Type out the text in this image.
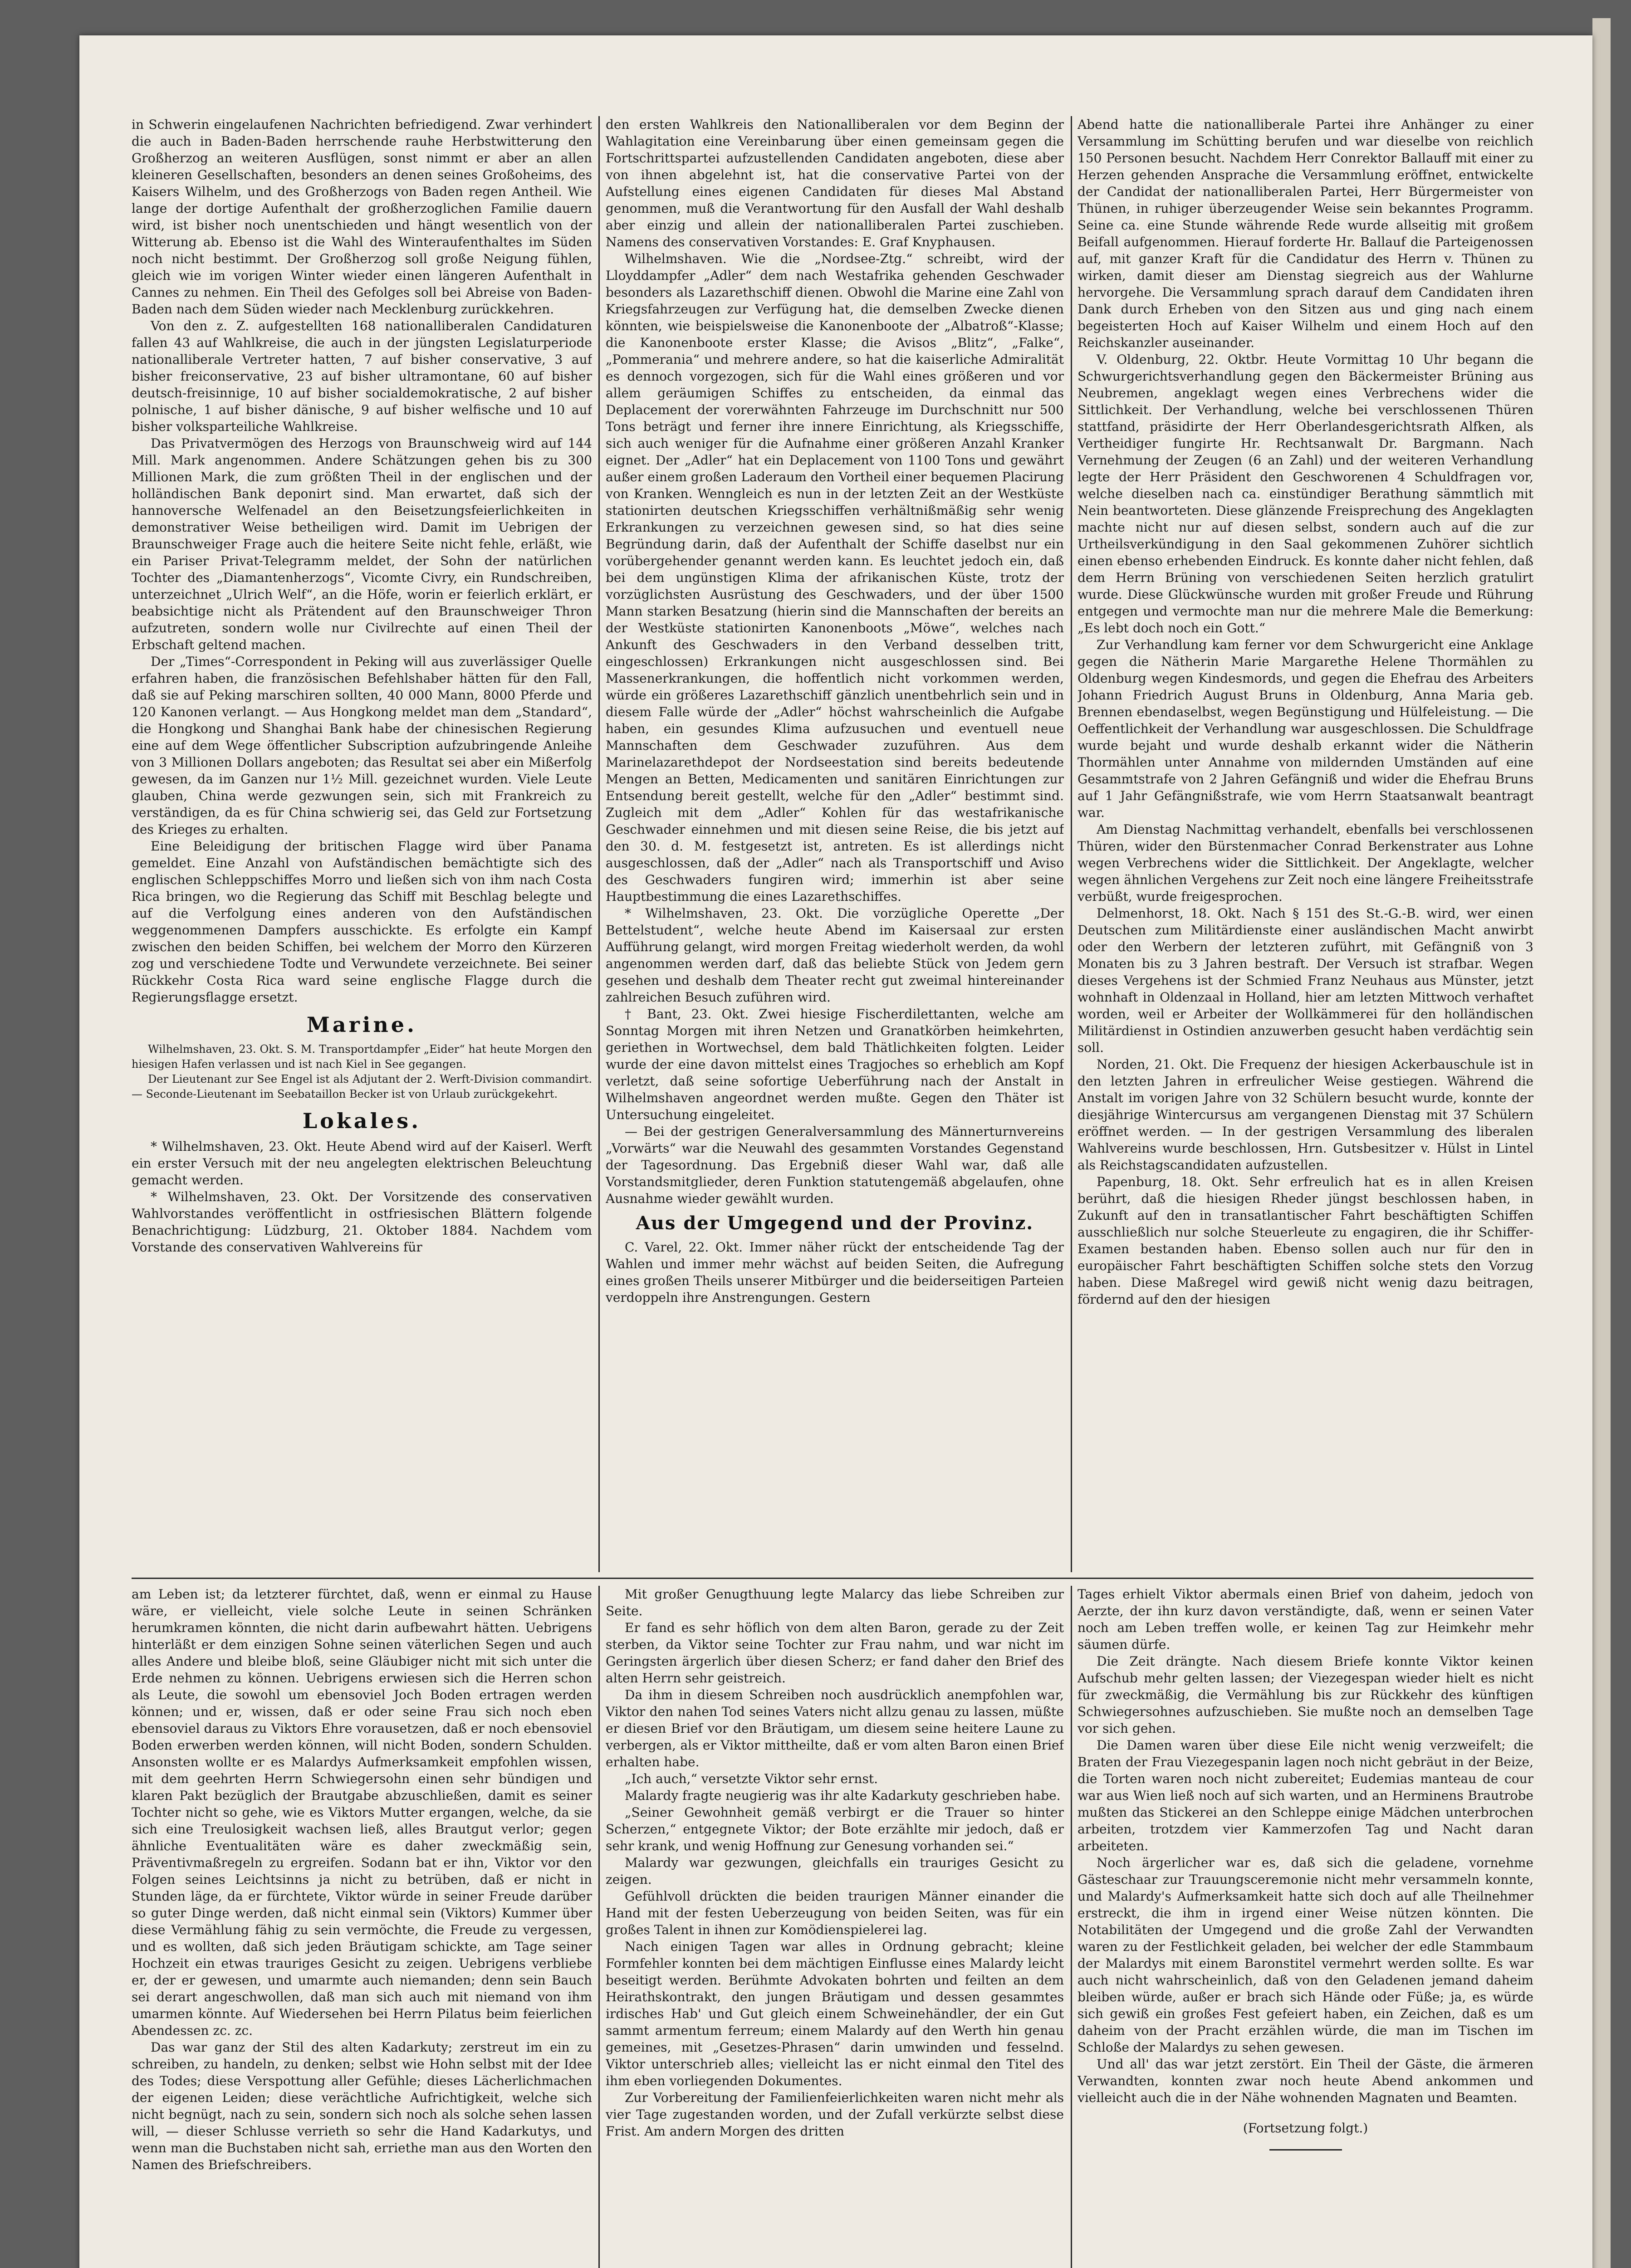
in Schwerin eingelaufenen Nachrichten befriedigend. Zwar verhindert die auch in Baden-Baden herrschende rauhe Herbstwitterung den Großherzog an weiteren Ausflügen, sonst nimmt er aber an allen kleineren Gesellschaften, besonders an denen seines Großoheims, des Kaisers Wilhelm, und des Großherzogs von Baden regen Antheil. Wie lange der dortige Aufenthalt der großherzoglichen Familie dauern wird, ist bisher noch unentschieden und hängt wesentlich von der Witterung ab. Ebenso ist die Wahl des Winteraufenthaltes im Süden noch nicht bestimmt. Der Großherzog soll große Neigung fühlen, gleich wie im vorigen Winter wieder einen längeren Aufenthalt in Cannes zu nehmen. Ein Theil des Gefolges soll bei Abreise von Baden-Baden nach dem Süden wieder nach Mecklenburg zurückkehren.

Von den z. Z. aufgestellten 168 nationalliberalen Candidaturen fallen 43 auf Wahlkreise, die auch in der jüngsten Legislaturperiode nationalliberale Vertreter hatten, 7 auf bisher conservative, 3 auf bisher freiconservative, 23 auf bisher ultramontane, 60 auf bisher deutsch-freisinnige, 10 auf bisher socialdemokratische, 2 auf bisher polnische, 1 auf bisher dänische, 9 auf bisher welfische und 10 auf bisher volksparteiliche Wahlkreise.

Das Privatvermögen des Herzogs von Braunschweig wird auf 144 Mill. Mark angenommen. Andere Schätzungen gehen bis zu 300 Millionen Mark, die zum größten Theil in der englischen und der holländischen Bank deponirt sind. Man erwartet, daß sich der hannoversche Welfenadel an den Beisetzungsfeierlichkeiten in demonstrativer Weise betheiligen wird. Damit im Uebrigen der Braunschweiger Frage auch die heitere Seite nicht fehle, erläßt, wie ein Pariser Privat-Telegramm meldet, der Sohn der natürlichen Tochter des „Diamantenherzogs“, Vicomte Civry, ein Rundschreiben, unterzeichnet „Ulrich Welf“, an die Höfe, worin er feierlich erklärt, er beabsichtige nicht als Prätendent auf den Braunschweiger Thron aufzutreten, sondern wolle nur Civilrechte auf einen Theil der Erbschaft geltend machen.

Der „Times“-Correspondent in Peking will aus zuverlässiger Quelle erfahren haben, die französischen Befehlshaber hätten für den Fall, daß sie auf Peking marschiren sollten, 40 000 Mann, 8000 Pferde und 120 Kanonen verlangt. — Aus Hongkong meldet man dem „Standard“, die Hongkong und Shanghai Bank habe der chinesischen Regierung eine auf dem Wege öffentlicher Subscription aufzubringende Anleihe von 3 Millionen Dollars angeboten; das Resultat sei aber ein Mißerfolg gewesen, da im Ganzen nur 1½ Mill. gezeichnet wurden. Viele Leute glauben, China werde gezwungen sein, sich mit Frankreich zu verständigen, da es für China schwierig sei, das Geld zur Fortsetzung des Krieges zu erhalten.

Eine Beleidigung der britischen Flagge wird über Panama gemeldet. Eine Anzahl von Aufständischen bemächtigte sich des englischen Schleppschiffes Morro und ließen sich von ihm nach Costa Rica bringen, wo die Regierung das Schiff mit Beschlag belegte und auf die Verfolgung eines anderen von den Aufständischen weggenommenen Dampfers ausschickte. Es erfolgte ein Kampf zwischen den beiden Schiffen, bei welchem der Morro den Kürzeren zog und verschiedene Todte und Verwundete verzeichnete. Bei seiner Rückkehr Costa Rica ward seine englische Flagge durch die Regierungsflagge ersetzt.

Marine.

Wilhelmshaven, 23. Okt. S. M. Transportdampfer „Eider“ hat heute Morgen den hiesigen Hafen verlassen und ist nach Kiel in See gegangen.

Der Lieutenant zur See Engel ist als Adjutant der 2. Werft-Division commandirt. — Seconde-Lieutenant im Seebataillon Becker ist von Urlaub zurückgekehrt.

Lokales.

* Wilhelmshaven, 23. Okt. Heute Abend wird auf der Kaiserl. Werft ein erster Versuch mit der neu angelegten elektrischen Beleuchtung gemacht werden.

* Wilhelmshaven, 23. Okt. Der Vorsitzende des conservativen Wahlvorstandes veröffentlicht in ostfriesischen Blättern folgende Benachrichtigung: Lüdzburg, 21. Oktober 1884. Nachdem vom Vorstande des conservativen Wahlvereins für

den ersten Wahlkreis den Nationalliberalen vor dem Beginn der Wahlagitation eine Vereinbarung über einen gemeinsam gegen die Fortschrittspartei aufzustellenden Candidaten angeboten, diese aber von ihnen abgelehnt ist, hat die conservative Partei von der Aufstellung eines eigenen Candidaten für dieses Mal Abstand genommen, muß die Verantwortung für den Ausfall der Wahl deshalb aber einzig und allein der nationalliberalen Partei zuschieben. Namens des conservativen Vorstandes: E. Graf Knyphausen.

Wilhelmshaven. Wie die „Nordsee-Ztg.“ schreibt, wird der Lloyddampfer „Adler“ dem nach Westafrika gehenden Geschwader besonders als Lazarethschiff dienen. Obwohl die Marine eine Zahl von Kriegsfahrzeugen zur Verfügung hat, die demselben Zwecke dienen könnten, wie beispielsweise die Kanonenboote der „Albatroß“-Klasse; die Kanonenboote erster Klasse; die Avisos „Blitz“, „Falke“, „Pommerania“ und mehrere andere, so hat die kaiserliche Admiralität es dennoch vorgezogen, sich für die Wahl eines größeren und vor allem geräumigen Schiffes zu entscheiden, da einmal das Deplacement der vorerwähnten Fahrzeuge im Durchschnitt nur 500 Tons beträgt und ferner ihre innere Einrichtung, als Kriegsschiffe, sich auch weniger für die Aufnahme einer größeren Anzahl Kranker eignet. Der „Adler“ hat ein Deplacement von 1100 Tons und gewährt außer einem großen Laderaum den Vortheil einer bequemen Placirung von Kranken. Wenngleich es nun in der letzten Zeit an der Westküste stationirten deutschen Kriegsschiffen verhältnißmäßig sehr wenig Erkrankungen zu verzeichnen gewesen sind, so hat dies seine Begründung darin, daß der Aufenthalt der Schiffe daselbst nur ein vorübergehender genannt werden kann. Es leuchtet jedoch ein, daß bei dem ungünstigen Klima der afrikanischen Küste, trotz der vorzüglichsten Ausrüstung des Geschwaders, und der über 1500 Mann starken Besatzung (hierin sind die Mannschaften der bereits an der Westküste stationirten Kanonenboots „Möwe“, welches nach Ankunft des Geschwaders in den Verband desselben tritt, eingeschlossen) Erkrankungen nicht ausgeschlossen sind. Bei Massenerkrankungen, die hoffentlich nicht vorkommen werden, würde ein größeres Lazarethschiff gänzlich unentbehrlich sein und in diesem Falle würde der „Adler“ höchst wahrscheinlich die Aufgabe haben, ein gesundes Klima aufzusuchen und eventuell neue Mannschaften dem Geschwader zuzuführen. Aus dem Marinelazarethdepot der Nordseestation sind bereits bedeutende Mengen an Betten, Medicamenten und sanitären Einrichtungen zur Entsendung bereit gestellt, welche für den „Adler“ bestimmt sind. Zugleich mit dem „Adler“ Kohlen für das westafrikanische Geschwader einnehmen und mit diesen seine Reise, die bis jetzt auf den 30. d. M. festgesetzt ist, antreten. Es ist allerdings nicht ausgeschlossen, daß der „Adler“ nach als Transportschiff und Aviso des Geschwaders fungiren wird; immerhin ist aber seine Hauptbestimmung die eines Lazarethschiffes.

* Wilhelmshaven, 23. Okt. Die vorzügliche Operette „Der Bettelstudent“, welche heute Abend im Kaisersaal zur ersten Aufführung gelangt, wird morgen Freitag wiederholt werden, da wohl angenommen werden darf, daß das beliebte Stück von Jedem gern gesehen und deshalb dem Theater recht gut zweimal hintereinander zahlreichen Besuch zuführen wird.

† Bant, 23. Okt. Zwei hiesige Fischerdilettanten, welche am Sonntag Morgen mit ihren Netzen und Granatkörben heimkehrten, geriethen in Wortwechsel, dem bald Thätlichkeiten folgten. Leider wurde der eine davon mittelst eines Tragjoches so erheblich am Kopf verletzt, daß seine sofortige Ueberführung nach der Anstalt in Wilhelmshaven angeordnet werden mußte. Gegen den Thäter ist Untersuchung eingeleitet.

— Bei der gestrigen Generalversammlung des Männerturnvereins „Vorwärts“ war die Neuwahl des gesammten Vorstandes Gegenstand der Tagesordnung. Das Ergebniß dieser Wahl war, daß alle Vorstandsmitglieder, deren Funktion statutengemäß abgelaufen, ohne Ausnahme wieder gewählt wurden.

Aus der Umgegend und der Provinz.

C. Varel, 22. Okt. Immer näher rückt der entscheidende Tag der Wahlen und immer mehr wächst auf beiden Seiten, die Aufregung eines großen Theils unserer Mitbürger und die beiderseitigen Parteien verdoppeln ihre Anstrengungen. Gestern

Abend hatte die nationalliberale Partei ihre Anhänger zu einer Versammlung im Schütting berufen und war dieselbe von reichlich 150 Personen besucht. Nachdem Herr Conrektor Ballauff mit einer zu Herzen gehenden Ansprache die Versammlung eröffnet, entwickelte der Candidat der nationalliberalen Partei, Herr Bürgermeister von Thünen, in ruhiger überzeugender Weise sein bekanntes Programm. Seine ca. eine Stunde währende Rede wurde allseitig mit großem Beifall aufgenommen. Hierauf forderte Hr. Ballauf die Parteigenossen auf, mit ganzer Kraft für die Candidatur des Herrn v. Thünen zu wirken, damit dieser am Dienstag siegreich aus der Wahlurne hervorgehe. Die Versammlung sprach darauf dem Candidaten ihren Dank durch Erheben von den Sitzen aus und ging nach einem begeisterten Hoch auf Kaiser Wilhelm und einem Hoch auf den Reichskanzler auseinander.

V. Oldenburg, 22. Oktbr. Heute Vormittag 10 Uhr begann die Schwurgerichtsverhandlung gegen den Bäckermeister Brüning aus Neubremen, angeklagt wegen eines Verbrechens wider die Sittlichkeit. Der Verhandlung, welche bei verschlossenen Thüren stattfand, präsidirte der Herr Oberlandesgerichtsrath Alfken, als Vertheidiger fungirte Hr. Rechtsanwalt Dr. Bargmann. Nach Vernehmung der Zeugen (6 an Zahl) und der weiteren Verhandlung legte der Herr Präsident den Geschworenen 4 Schuldfragen vor, welche dieselben nach ca. einstündiger Berathung sämmtlich mit Nein beantworteten. Diese glänzende Freisprechung des Angeklagten machte nicht nur auf diesen selbst, sondern auch auf die zur Urtheilsverkündigung in den Saal gekommenen Zuhörer sichtlich einen ebenso erhebenden Eindruck. Es konnte daher nicht fehlen, daß dem Herrn Brüning von verschiedenen Seiten herzlich gratulirt wurde. Diese Glückwünsche wurden mit großer Freude und Rührung entgegen und vermochte man nur die mehrere Male die Bemerkung: „Es lebt doch noch ein Gott.“

Zur Verhandlung kam ferner vor dem Schwurgericht eine Anklage gegen die Nätherin Marie Margarethe Helene Thormählen zu Oldenburg wegen Kindesmords, und gegen die Ehefrau des Arbeiters Johann Friedrich August Bruns in Oldenburg, Anna Maria geb. Brennen ebendaselbst, wegen Begünstigung und Hülfeleistung. — Die Oeffentlichkeit der Verhandlung war ausgeschlossen. Die Schuldfrage wurde bejaht und wurde deshalb erkannt wider die Nätherin Thormählen unter Annahme von mildernden Umständen auf eine Gesammtstrafe von 2 Jahren Gefängniß und wider die Ehefrau Bruns auf 1 Jahr Gefängnißstrafe, wie vom Herrn Staatsanwalt beantragt war.

Am Dienstag Nachmittag verhandelt, ebenfalls bei verschlossenen Thüren, wider den Bürstenmacher Conrad Berkenstrater aus Lohne wegen Verbrechens wider die Sittlichkeit. Der Angeklagte, welcher wegen ähnlichen Vergehens zur Zeit noch eine längere Freiheitsstrafe verbüßt, wurde freigesprochen.

Delmenhorst, 18. Okt. Nach § 151 des St.-G.-B. wird, wer einen Deutschen zum Militärdienste einer ausländischen Macht anwirbt oder den Werbern der letzteren zuführt, mit Gefängniß von 3 Monaten bis zu 3 Jahren bestraft. Der Versuch ist strafbar. Wegen dieses Vergehens ist der Schmied Franz Neuhaus aus Münster, jetzt wohnhaft in Oldenzaal in Holland, hier am letzten Mittwoch verhaftet worden, weil er Arbeiter der Wollkämmerei für den holländischen Militärdienst in Ostindien anzuwerben gesucht haben verdächtig sein soll.

Norden, 21. Okt. Die Frequenz der hiesigen Ackerbauschule ist in den letzten Jahren in erfreulicher Weise gestiegen. Während die Anstalt im vorigen Jahre von 32 Schülern besucht wurde, konnte der diesjährige Wintercursus am vergangenen Dienstag mit 37 Schülern eröffnet werden. — In der gestrigen Versammlung des liberalen Wahlvereins wurde beschlossen, Hrn. Gutsbesitzer v. Hülst in Lintel als Reichstagscandidaten aufzustellen.

Papenburg, 18. Okt. Sehr erfreulich hat es in allen Kreisen berührt, daß die hiesigen Rheder jüngst beschlossen haben, in Zukunft auf den in transatlantischer Fahrt beschäftigten Schiffen ausschließlich nur solche Steuerleute zu engagiren, die ihr Schiffer-Examen bestanden haben. Ebenso sollen auch nur für den in europäischer Fahrt beschäftigten Schiffen solche stets den Vorzug haben. Diese Maßregel wird gewiß nicht wenig dazu beitragen, fördernd auf den der hiesigen

am Leben ist; da letzterer fürchtet, daß, wenn er einmal zu Hause wäre, er vielleicht, viele solche Leute in seinen Schränken herumkramen könnten, die nicht darin aufbewahrt hätten. Uebrigens hinterläßt er dem einzigen Sohne seinen väterlichen Segen und auch alles Andere und bleibe bloß, seine Gläubiger nicht mit sich unter die Erde nehmen zu können. Uebrigens erwiesen sich die Herren schon als Leute, die sowohl um ebensoviel Joch Boden ertragen werden können; und er, wissen, daß er oder seine Frau sich noch eben ebensoviel daraus zu Viktors Ehre vorausetzen, daß er noch ebensoviel Boden erwerben werden können, will nicht Boden, sondern Schulden. Ansonsten wollte er es Malardys Aufmerksamkeit empfohlen wissen, mit dem geehrten Herrn Schwiegersohn einen sehr bündigen und klaren Pakt bezüglich der Brautgabe abzuschließen, damit es seiner Tochter nicht so gehe, wie es Viktors Mutter ergangen, welche, da sie sich eine Treulosigkeit wachsen ließ, alles Brautgut verlor; gegen ähnliche Eventualitäten wäre es daher zweckmäßig sein, Präventivmaßregeln zu ergreifen. Sodann bat er ihn, Viktor vor den Folgen seines Leichtsinns ja nicht zu betrüben, daß er nicht in Stunden läge, da er fürchtete, Viktor würde in seiner Freude darüber so guter Dinge werden, daß nicht einmal sein (Viktors) Kummer über diese Vermählung fähig zu sein vermöchte, die Freude zu vergessen, und es wollten, daß sich jeden Bräutigam schickte, am Tage seiner Hochzeit ein etwas trauriges Gesicht zu zeigen. Uebrigens verbliebe er, der er gewesen, und umarmte auch niemanden; denn sein Bauch sei derart angeschwollen, daß man sich auch mit niemand von ihm umarmen könnte. Auf Wiedersehen bei Herrn Pilatus beim feierlichen Abendessen zc. zc.

Das war ganz der Stil des alten Kadarkuty; zerstreut im ein zu schreiben, zu handeln, zu denken; selbst wie Hohn selbst mit der Idee des Todes; diese Verspottung aller Gefühle; dieses Lächerlichmachen der eigenen Leiden; diese verächtliche Aufrichtigkeit, welche sich nicht begnügt, nach zu sein, sondern sich noch als solche sehen lassen will, — dieser Schlusse verrieth so sehr die Hand Kadarkutys, und wenn man die Buchstaben nicht sah, erriethe man aus den Worten den Namen des Briefschreibers.

Mit großer Genugthuung legte Malarcy das liebe Schreiben zur Seite.

Er fand es sehr höflich von dem alten Baron, gerade zu der Zeit sterben, da Viktor seine Tochter zur Frau nahm, und war nicht im Geringsten ärgerlich über diesen Scherz; er fand daher den Brief des alten Herrn sehr geistreich.

Da ihm in diesem Schreiben noch ausdrücklich anempfohlen war, Viktor den nahen Tod seines Vaters nicht allzu genau zu lassen, müßte er diesen Brief vor den Bräutigam, um diesem seine heitere Laune zu verbergen, als er Viktor mittheilte, daß er vom alten Baron einen Brief erhalten habe.

„Ich auch,“ versetzte Viktor sehr ernst.

Malardy fragte neugierig was ihr alte Kadarkuty geschrieben habe.

„Seiner Gewohnheit gemäß verbirgt er die Trauer so hinter Scherzen,“ entgegnete Viktor; der Bote erzählte mir jedoch, daß er sehr krank, und wenig Hoffnung zur Genesung vorhanden sei.“

Malardy war gezwungen, gleichfalls ein trauriges Gesicht zu zeigen.

Gefühlvoll drückten die beiden traurigen Männer einander die Hand mit der festen Ueberzeugung von beiden Seiten, was für ein großes Talent in ihnen zur Komödienspielerei lag.

Nach einigen Tagen war alles in Ordnung gebracht; kleine Formfehler konnten bei dem mächtigen Einflusse eines Malardy leicht beseitigt werden. Berühmte Advokaten bohrten und feilten an dem Heirathskontrakt, den jungen Bräutigam und dessen gesammtes irdisches Hab' und Gut gleich einem Schweinehändler, der ein Gut sammt armentum ferreum; einem Malardy auf den Werth hin genau gemeines, mit „Gesetzes-Phrasen“ darin umwinden und fesselnd. Viktor unterschrieb alles; vielleicht las er nicht einmal den Titel des ihm eben vorliegenden Dokumentes.

Zur Vorbereitung der Familienfeierlichkeiten waren nicht mehr als vier Tage zugestanden worden, und der Zufall verkürzte selbst diese Frist. Am andern Morgen des dritten

Tages erhielt Viktor abermals einen Brief von daheim, jedoch von Aerzte, der ihn kurz davon verständigte, daß, wenn er seinen Vater noch am Leben treffen wolle, er keinen Tag zur Heimkehr mehr säumen dürfe.

Die Zeit drängte. Nach diesem Briefe konnte Viktor keinen Aufschub mehr gelten lassen; der Viezegespan wieder hielt es nicht für zweckmäßig, die Vermählung bis zur Rückkehr des künftigen Schwiegersohnes aufzuschieben. Sie mußte noch an demselben Tage vor sich gehen.

Die Damen waren über diese Eile nicht wenig verzweifelt; die Braten der Frau Viezegespanin lagen noch nicht gebräut in der Beize, die Torten waren noch nicht zubereitet; Eudemias manteau de cour war aus Wien ließ noch auf sich warten, und an Herminens Brautrobe mußten das Stickerei an den Schleppe einige Mädchen unterbrochen arbeiten, trotzdem vier Kammerzofen Tag und Nacht daran arbeiteten.

Noch ärgerlicher war es, daß sich die geladene, vornehme Gästeschaar zur Trauungsceremonie nicht mehr versammeln konnte, und Malardy's Aufmerksamkeit hatte sich doch auf alle Theilnehmer erstreckt, die ihm in irgend einer Weise nützen könnten. Die Notabilitäten der Umgegend und die große Zahl der Verwandten waren zu der Festlichkeit geladen, bei welcher der edle Stammbaum der Malardys mit einem Baronstitel vermehrt werden sollte. Es war auch nicht wahrscheinlich, daß von den Geladenen jemand daheim bleiben würde, außer er brach sich Hände oder Füße; ja, es würde sich gewiß ein großes Fest gefeiert haben, ein Zeichen, daß es um daheim von der Pracht erzählen würde, die man im Tischen im Schloße der Malardys zu sehen gewesen.

Und all' das war jetzt zerstört. Ein Theil der Gäste, die ärmeren Verwandten, konnten zwar noch heute Abend ankommen und vielleicht auch die in der Nähe wohnenden Magnaten und Beamten.

(Fortsetzung folgt.)
